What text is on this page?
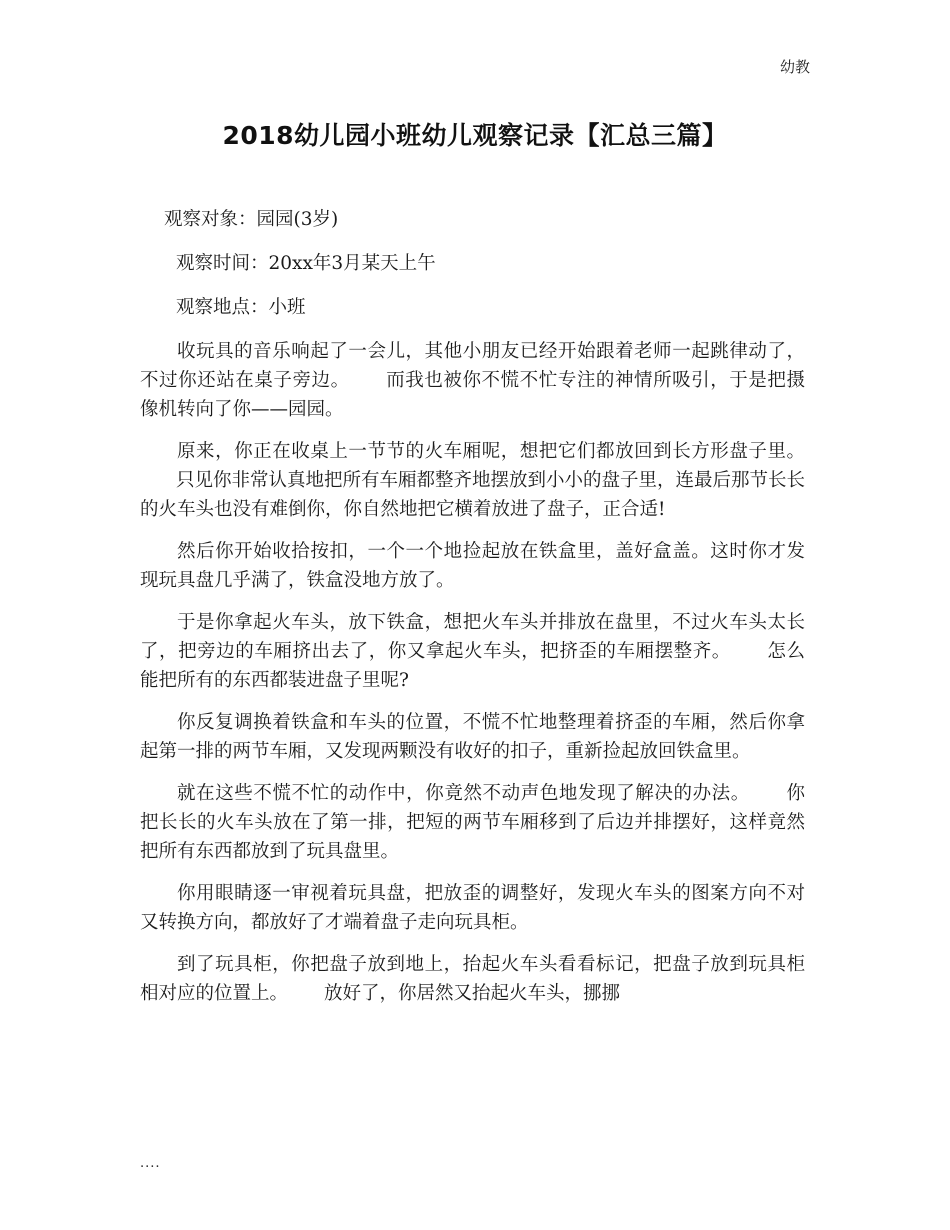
幼教
2018幼儿园小班幼儿观察记录【汇总三篇】
观察对象：园园(3岁)
观察时间：20xx年3月某天上午
观察地点：小班

收玩具的音乐响起了一会儿，其他小朋友已经开始跟着老师一起跳律动了，不过你还站在桌子旁边。 而我也被你不慌不忙专注的神情所吸引，于是把摄像机转向了你——园园。

原来，你正在收桌上一节节的火车厢呢，想把它们都放回到长方形盘子里。只见你非常认真地把所有车厢都整齐地摆放到小小的盘子里，连最后那节长长的火车头也没有难倒你，你自然地把它横着放进了盘子，正合适!

然后你开始收拾按扣，一个一个地捡起放在铁盒里，盖好盒盖。这时你才发现玩具盘几乎满了，铁盒没地方放了。

于是你拿起火车头，放下铁盒，想把火车头并排放在盘里，不过火车头太长了，把旁边的车厢挤出去了，你又拿起火车头，把挤歪的车厢摆整齐。 怎么能把所有的东西都装进盘子里呢?

你反复调换着铁盒和车头的位置，不慌不忙地整理着挤歪的车厢，然后你拿起第一排的两节车厢，又发现两颗没有收好的扣子，重新捡起放回铁盒里。

就在这些不慌不忙的动作中，你竟然不动声色地发现了解决的办法。 你把长长的火车头放在了第一排，把短的两节车厢移到了后边并排摆好，这样竟然把所有东西都放到了玩具盘里。

你用眼睛逐一审视着玩具盘，把放歪的调整好，发现火车头的图案方向不对又转换方向，都放好了才端着盘子走向玩具柜。

到了玩具柜，你把盘子放到地上，抬起火车头看看标记，把盘子放到玩具柜相对应的位置上。 放好了，你居然又抬起火车头，挪挪

....
